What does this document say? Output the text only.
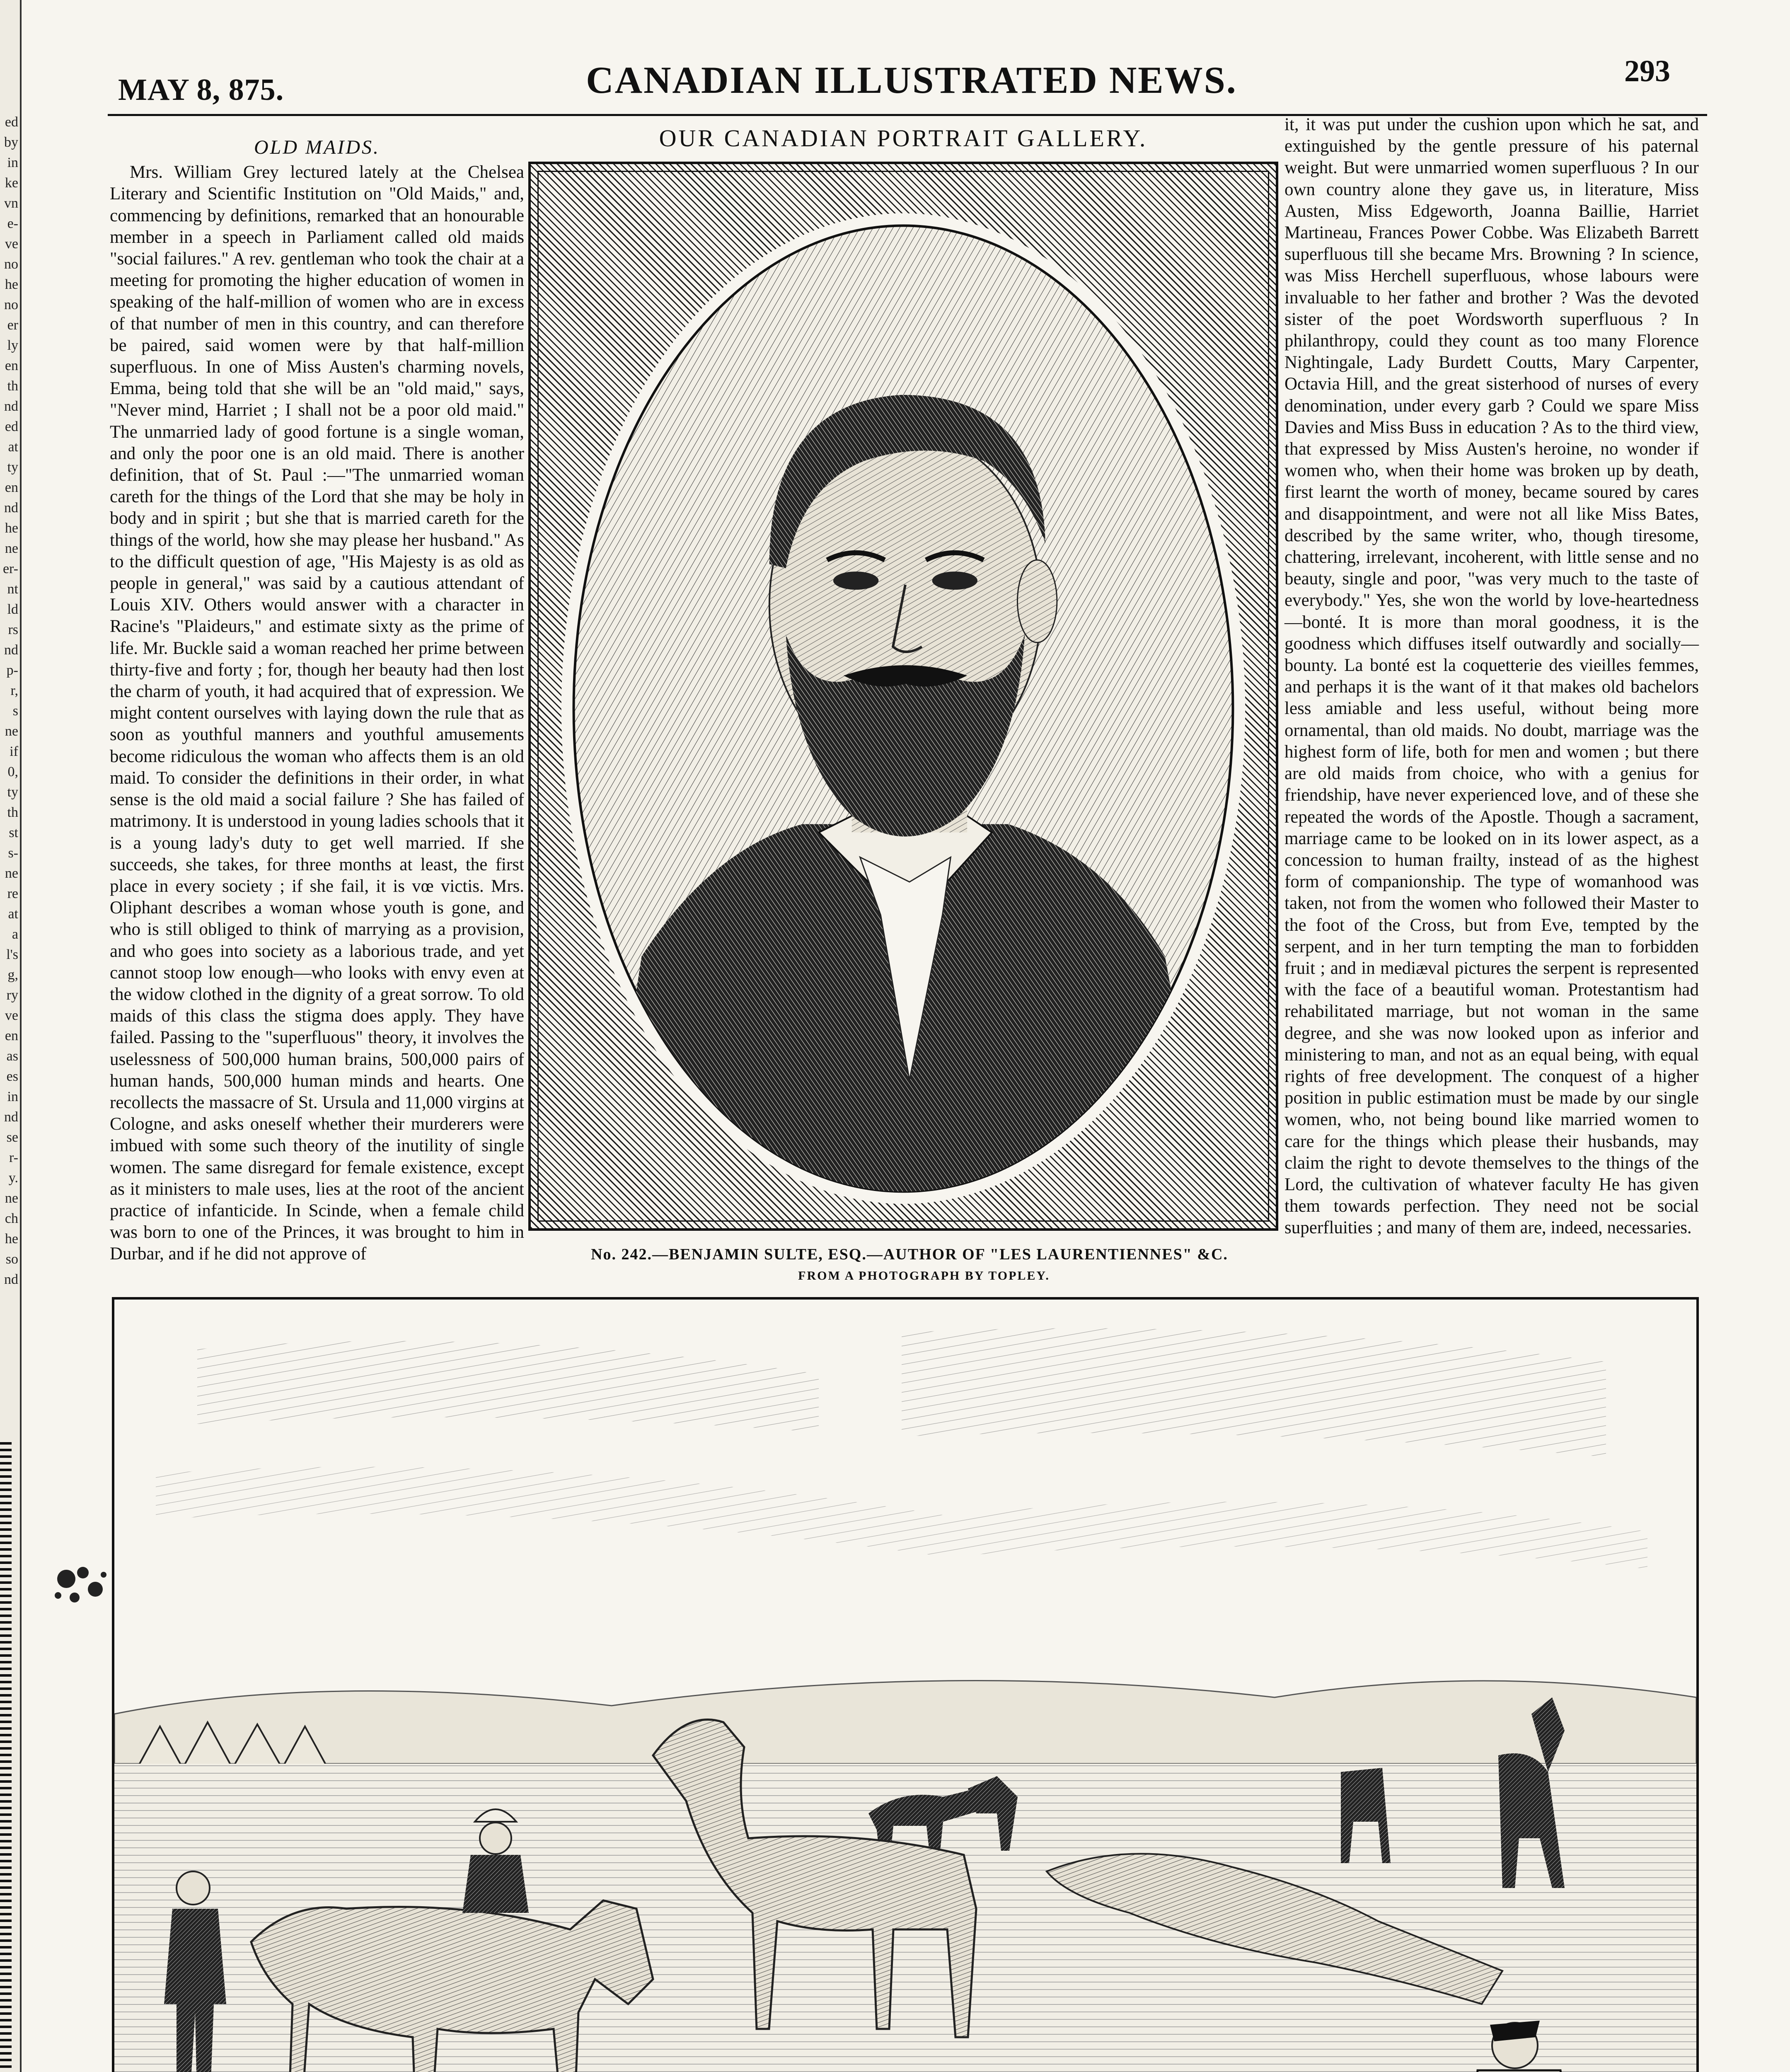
ed
by
in
ke
vn
e-
ve
no
he
no
er
ly
en
th
nd
ed
at
ty
en
nd
he
ne
er-
nt
ld
rs
nd
p-
r,
s
ne
if
0,
ty
th
st
s-
ne
re
at
a
l's
g,
ry
ve
en
as
es
in
nd
se
r-
y.
ne
ch
he
so
nd
MAY 8, 875.	CANADIAN ILLUSTRATED NEWS.	293

OLD MAIDS.

Mrs. William Grey lectured lately at the Chelsea Literary and Scientific Institution on "Old Maids," and, commencing by definitions, remarked that an honourable member in a speech in Parliament called old maids "social failures." A rev. gentleman who took the chair at a meeting for promoting the higher education of women in speaking of the half-million of women who are in excess of that number of men in this country, and can therefore be paired, said women were by that half-million superfluous. In one of Miss Austen's charming novels, Emma, being told that she will be an "old maid," says, "Never mind, Harriet ; I shall not be a poor old maid." The unmarried lady of good fortune is a single woman, and only the poor one is an old maid. There is another definition, that of St. Paul :—"The unmarried woman careth for the things of the Lord that she may be holy in body and in spirit ; but she that is married careth for the things of the world, how she may please her husband." As to the difficult question of age, "His Majesty is as old as people in general," was said by a cautious attendant of Louis XIV. Others would answer with a character in Racine's "Plaideurs," and estimate sixty as the prime of life. Mr. Buckle said a woman reached her prime between thirty-five and forty ; for, though her beauty had then lost the charm of youth, it had acquired that of expression. We might content ourselves with laying down the rule that as soon as youthful manners and youthful amusements become ridiculous the woman who affects them is an old maid. To consider the definitions in their order, in what sense is the old maid a social failure ? She has failed of matrimony. It is understood in young ladies schools that it is a young lady's duty to get well married. If she succeeds, she takes, for three months at least, the first place in every society ; if she fail, it is vœ victis. Mrs. Oliphant describes a woman whose youth is gone, and who is still obliged to think of marrying as a provision, and who goes into society as a laborious trade, and yet cannot stoop low enough—who looks with envy even at the widow clothed in the dignity of a great sorrow. To old maids of this class the stigma does apply. They have failed. Passing to the "superfluous" theory, it involves the uselessness of 500,000 human brains, 500,000 pairs of human hands, 500,000 human minds and hearts. One recollects the massacre of St. Ursula and 11,000 virgins at Cologne, and asks oneself whether their murderers were imbued with some such theory of the inutility of single women. The same disregard for female existence, except as it ministers to male uses, lies at the root of the ancient practice of infanticide. In Scinde, when a female child was born to one of the Princes, it was brought to him in Durbar, and if he did not approve of

OUR CANADIAN PORTRAIT GALLERY.
No. 242.—BENJAMIN SULTE, ESQ.—AUTHOR OF "LES LAURENTIENNES" &C.
FROM A PHOTOGRAPH BY TOPLEY.

it, it was put under the cushion upon which he sat, and extinguished by the gentle pressure of his paternal weight. But were unmarried women superfluous ? In our own country alone they gave us, in literature, Miss Austen, Miss Edgeworth, Joanna Baillie, Harriet Martineau, Frances Power Cobbe. Was Elizabeth Barrett superfluous till she became Mrs. Browning ? In science, was Miss Herchell superfluous, whose labours were invaluable to her father and brother ? Was the devoted sister of the poet Wordsworth superfluous ? In philanthropy, could they count as too many Florence Nightingale, Lady Burdett Coutts, Mary Carpenter, Octavia Hill, and the great sisterhood of nurses of every denomination, under every garb ? Could we spare Miss Davies and Miss Buss in education ? As to the third view, that expressed by Miss Austen's heroine, no wonder if women who, when their home was broken up by death, first learnt the worth of money, became soured by cares and disappointment, and were not all like Miss Bates, described by the same writer, who, though tiresome, chattering, irrelevant, incoherent, with little sense and no beauty, single and poor, "was very much to the taste of everybody." Yes, she won the world by love-heartedness—bonté. It is more than moral goodness, it is the goodness which diffuses itself outwardly and socially—bounty. La bonté est la coquetterie des vieilles femmes, and perhaps it is the want of it that makes old bachelors less amiable and less useful, without being more ornamental, than old maids. No doubt, marriage was the highest form of life, both for men and women ; but there are old maids from choice, who with a genius for friendship, have never experienced love, and of these she repeated the words of the Apostle. Though a sacrament, marriage came to be looked on in its lower aspect, as a concession to human frailty, instead of as the highest form of companionship. The type of womanhood was taken, not from the women who followed their Master to the foot of the Cross, but from Eve, tempted by the serpent, and in her turn tempting the man to forbidden fruit ; and in mediæval pictures the serpent is represented with the face of a beautiful woman. Protestantism had rehabilitated marriage, but not woman in the same degree, and she was now looked upon as inferior and ministering to man, and not as an equal being, with equal rights of free development. The conquest of a higher position in public estimation must be made by our single women, who, not being bound like married women to care for the things which please their husbands, may claim the right to devote themselves to the things of the Lord, the cultivation of whatever faculty He has given them towards perfection. They need not be social superfluities ; and many of them are, indeed, necessaries.
